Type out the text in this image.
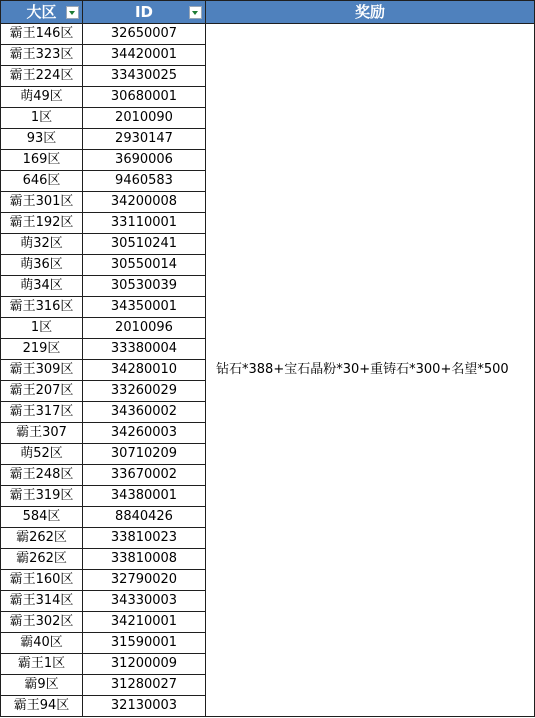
大区	ID	奖励
霸王146区	32650007	钻石*388+宝石晶粉*30+重铸石*300+名望*500
霸王323区	34420001	
霸王224区	33430025	
萌49区	30680001	
1区	2010090	
93区	2930147	
169区	3690006	
646区	9460583	
霸王301区	34200008	
霸王192区	33110001	
萌32区	30510241	
萌36区	30550014	
萌34区	30530039	
霸王316区	34350001	
1区	2010096	
219区	33380004	
霸王309区	34280010	
霸王207区	33260029	
霸王317区	34360002	
霸王307	34260003	
萌52区	30710209	
霸王248区	33670002	
霸王319区	34380001	
584区	8840426	
霸262区	33810023	
霸262区	33810008	
霸王160区	32790020	
霸王314区	34330003	
霸王302区	34210001	
霸40区	31590001	
霸王1区	31200009	
霸9区	31280027	
霸王94区	32130003	
